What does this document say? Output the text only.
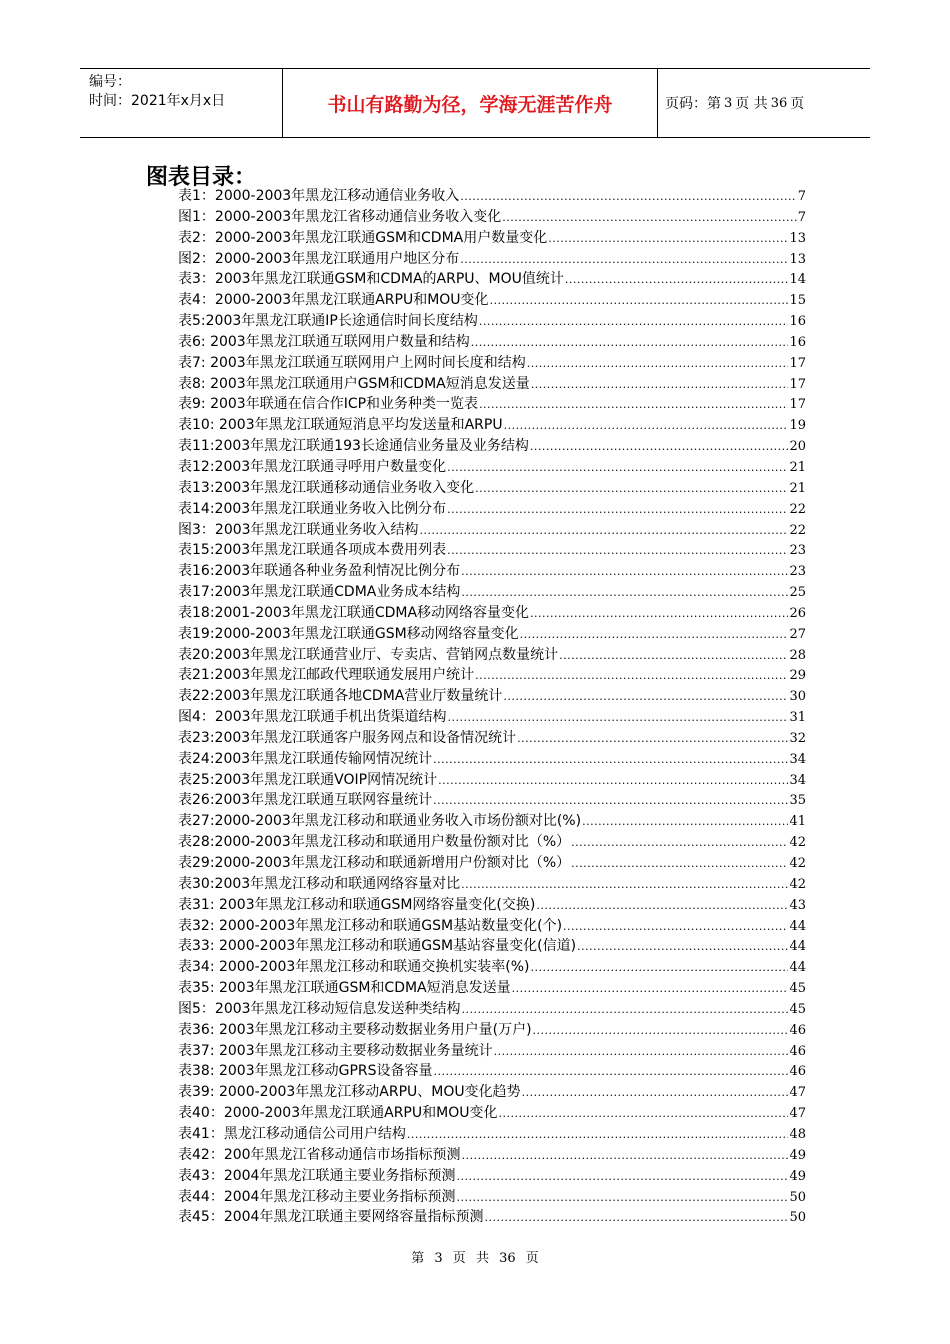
编号：
时间：2021年x月x日	书山有路勤为径，学海无涯苦作舟	页码：第 3 页 共 36 页
图表目录：
表1：2000-2003年黑龙江移动通信业务收入 .....	7
图1：2000-2003年黑龙江省移动通信业务收入变化 .....	7
表2：2000-2003年黑龙江联通GSM和CDMA用户数量变化 .....	13
图2：2000-2003年黑龙江联通用户地区分布 .....	13
表3：2003年黑龙江联通GSM和CDMA的ARPU、MOU值统计 .....	14
表4：2000-2003年黑龙江联通ARPU和MOU变化 .....	15
表5:2003年黑龙江联通IP长途通信时间长度结构 .....	16
表6: 2003年黑龙江联通互联网用户数量和结构 .....	16
表7: 2003年黑龙江联通互联网用户上网时间长度和结构 .....	17
表8: 2003年黑龙江联通用户GSM和CDMA短消息发送量 .....	17
表9: 2003年联通在信合作ICP和业务种类一览表 .....	17
表10: 2003年黑龙江联通短消息平均发送量和ARPU .....	19
表11:2003年黑龙江联通193长途通信业务量及业务结构 .....	20
表12:2003年黑龙江联通寻呼用户数量变化 .....	21
表13:2003年黑龙江联通移动通信业务收入变化 .....	21
表14:2003年黑龙江联通业务收入比例分布 .....	22
图3：2003年黑龙江联通业务收入结构 .....	22
表15:2003年黑龙江联通各项成本费用列表 .....	23
表16:2003年联通各种业务盈利情况比例分布 .....	23
表17:2003年黑龙江联通CDMA业务成本结构 .....	25
表18:2001-2003年黑龙江联通CDMA移动网络容量变化 .....	26
表19:2000-2003年黑龙江联通GSM移动网络容量变化 .....	27
表20:2003年黑龙江联通营业厅、专卖店、营销网点数量统计 .....	28
表21:2003年黑龙江邮政代理联通发展用户统计 .....	29
表22:2003年黑龙江联通各地CDMA营业厅数量统计 .....	30
图4：2003年黑龙江联通手机出货渠道结构 .....	31
表23:2003年黑龙江联通客户服务网点和设备情况统计 .....	32
表24:2003年黑龙江联通传输网情况统计 .....	34
表25:2003年黑龙江联通VOIP网情况统计 .....	34
表26:2003年黑龙江联通互联网容量统计 .....	35
表27:2000-2003年黑龙江移动和联通业务收入市场份额对比(%) .....	41
表28:2000-2003年黑龙江移动和联通用户数量份额对比（%） .....	42
表29:2000-2003年黑龙江移动和联通新增用户份额对比（%） .....	42
表30:2003年黑龙江移动和联通网络容量对比 .....	42
表31: 2003年黑龙江移动和联通GSM网络容量变化(交换) .....	43
表32: 2000-2003年黑龙江移动和联通GSM基站数量变化(个) .....	44
表33: 2000-2003年黑龙江移动和联通GSM基站容量变化(信道) .....	44
表34: 2000-2003年黑龙江移动和联通交换机实装率(%) .....	44
表35: 2003年黑龙江联通GSM和CDMA短消息发送量 .....	45
图5：2003年黑龙江移动短信息发送种类结构 .....	45
表36: 2003年黑龙江移动主要移动数据业务用户量(万户) .....	46
表37: 2003年黑龙江移动主要移动数据业务量统计 .....	46
表38: 2003年黑龙江移动GPRS设备容量 .....	46
表39: 2000-2003年黑龙江移动ARPU、MOU变化趋势 .....	47
表40：2000-2003年黑龙江联通ARPU和MOU变化 .....	47
表41：黑龙江移动通信公司用户结构 .....	48
表42：200年黑龙江省移动通信市场指标预测 .....	49
表43：2004年黑龙江联通主要业务指标预测 .....	49
表44：2004年黑龙江移动主要业务指标预测 .....	50
表45：2004年黑龙江联通主要网络容量指标预测 .....	50
第 3 页 共 36 页
